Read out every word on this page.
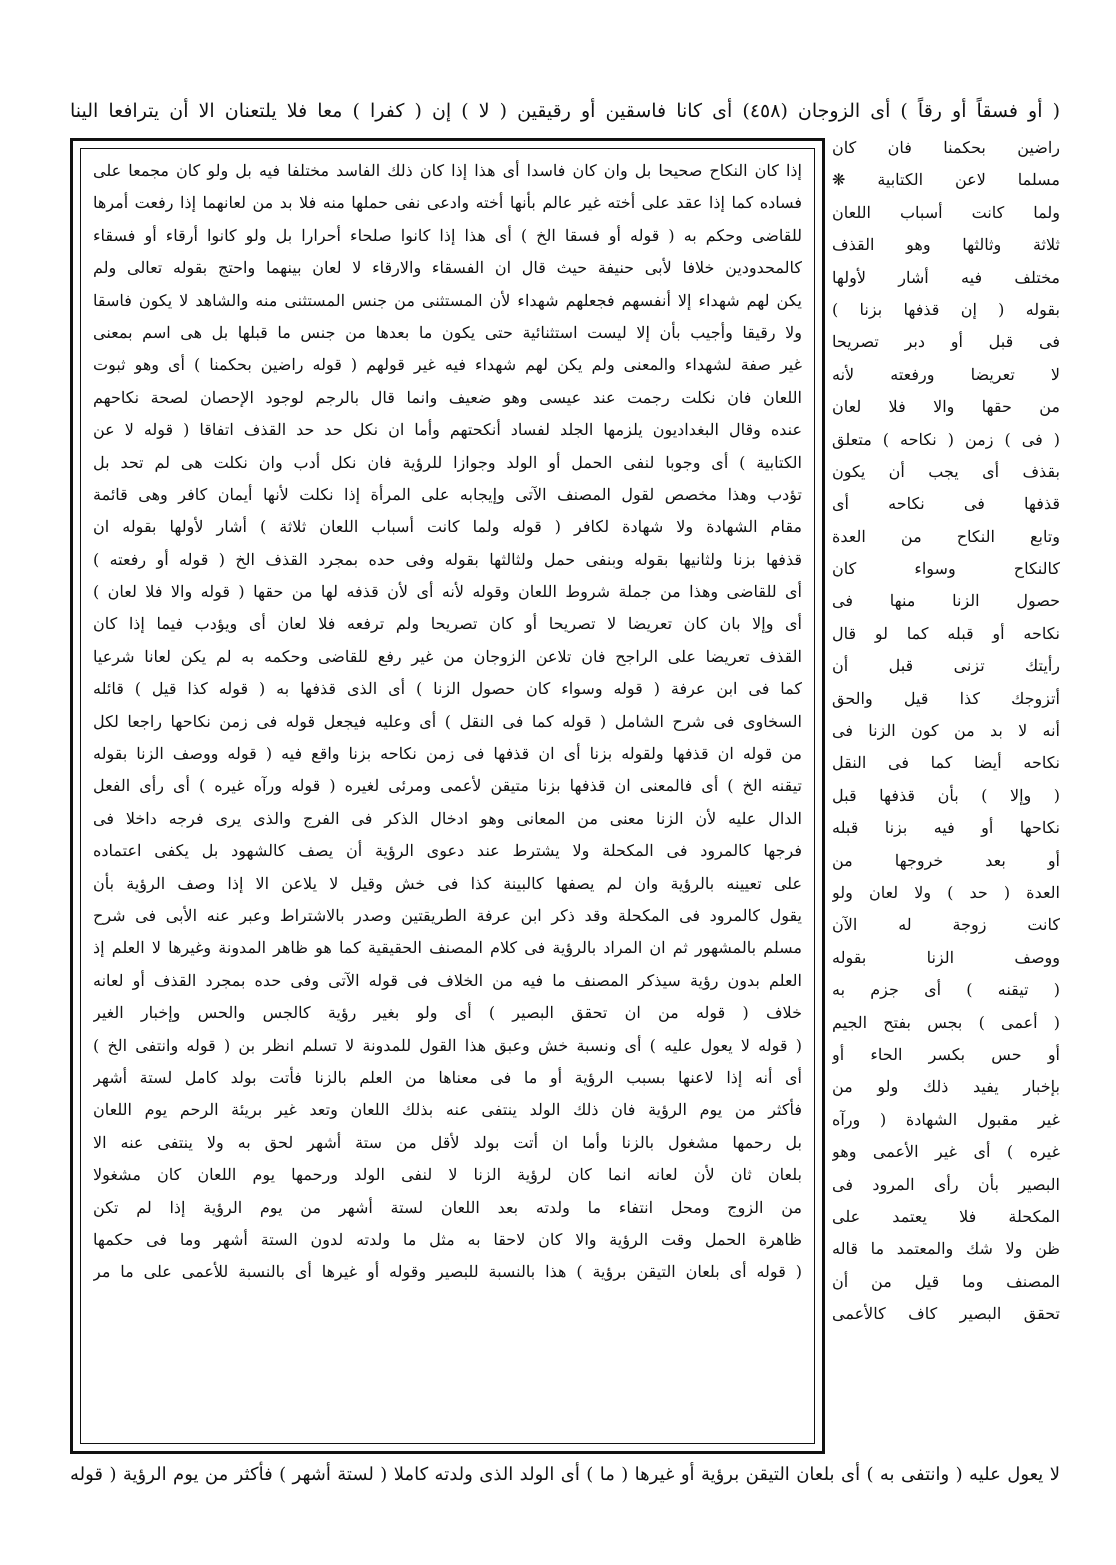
( أو فسقاً أو رقاً ) أى الزوجان (٤٥٨) أى كانا فاسقين أو رقيقين ( لا ) إن ( كفرا ) معا فلا يلتعنان الا أن يترافعا الينا
إذا كان النكاح صحيحا بل وان كان فاسدا أى هذا إذا كان ذلك الفاسد مختلفا فيه بل ولو كان مجمعا على
فساده كما إذا عقد على أخته غير عالم بأنها أخته وادعى نفى حملها منه فلا بد من لعانهما إذا رفعت أمرها
للقاضى وحكم به ( قوله أو فسقا الخ ) أى هذا إذا كانوا صلحاء أحرارا بل ولو كانوا أرقاء أو فسقاء
كالمحدودين خلافا لأبى حنيفة حيث قال ان الفسقاء والارقاء لا لعان بينهما واحتج بقوله تعالى ولم
يكن لهم شهداء إلا أنفسهم فجعلهم شهداء لأن المستثنى من جنس المستثنى منه والشاهد لا يكون فاسقا
ولا رقيقا وأجيب بأن إلا ليست استثنائية حتى يكون ما بعدها من جنس ما قبلها بل هى اسم بمعنى
غير صفة لشهداء والمعنى ولم يكن لهم شهداء فيه غير قولهم ( قوله راضين بحكمنا ) أى وهو ثبوت
اللعان فان نكلت رجمت عند عيسى وهو ضعيف وانما قال بالرجم لوجود الإحصان لصحة نكاحهم
عنده وقال البغداديون يلزمها الجلد لفساد أنكحتهم وأما ان نكل حد حد القذف اتفاقا ( قوله لا عن
الكتابية ) أى وجوبا لنفى الحمل أو الولد وجوازا للرؤية فان نكل أدب وان نكلت هى لم تحد بل
تؤدب وهذا مخصص لقول المصنف الآتى وإيجابه على المرأة إذا نكلت لأنها أيمان كافر وهى قائمة
مقام الشهادة ولا شهادة لكافر ( قوله ولما كانت أسباب اللعان ثلاثة ) أشار لأولها بقوله ان
قذفها بزنا ولثانيها بقوله وبنفى حمل ولثالثها بقوله وفى حده بمجرد القذف الخ ( قوله أو رفعته )
أى للقاضى وهذا من جملة شروط اللعان وقوله لأنه أى لأن قذفه لها من حقها ( قوله والا فلا لعان )
أى وإلا بان كان تعريضا لا تصريحا أو كان تصريحا ولم ترفعه فلا لعان أى ويؤدب فيما إذا كان
القذف تعريضا على الراجح فان تلاعن الزوجان من غير رفع للقاضى وحكمه به لم يكن لعانا شرعيا
كما فى ابن عرفة ( قوله وسواء كان حصول الزنا ) أى الذى قذفها به ( قوله كذا قيل ) قائله
السخاوى فى شرح الشامل ( قوله كما فى النقل ) أى وعليه فيجعل قوله فى زمن نكاحها راجعا لكل
من قوله ان قذفها ولقوله بزنا أى ان قذفها فى زمن نكاحه بزنا واقع فيه ( قوله ووصف الزنا بقوله
تيقنه الخ ) أى فالمعنى ان قذفها بزنا متيقن لأعمى ومرئى لغيره ( قوله ورآه غيره ) أى رأى الفعل
الدال عليه لأن الزنا معنى من المعانى وهو ادخال الذكر فى الفرج والذى يرى فرجه داخلا فى
فرجها كالمرود فى المكحلة ولا يشترط عند دعوى الرؤية أن يصف كالشهود بل يكفى اعتماده
على تعيينه بالرؤية وان لم يصفها كالبينة كذا فى خش وقيل لا يلاعن الا إذا وصف الرؤية بأن
يقول كالمرود فى المكحلة وقد ذكر ابن عرفة الطريقتين وصدر بالاشتراط وعبر عنه الأبى فى شرح
مسلم بالمشهور ثم ان المراد بالرؤية فى كلام المصنف الحقيقية كما هو ظاهر المدونة وغيرها لا العلم إذ
العلم بدون رؤية سيذكر المصنف ما فيه من الخلاف فى قوله الآتى وفى حده بمجرد القذف أو لعانه
خلاف ( قوله من ان تحقق البصير ) أى ولو بغير رؤية كالجس والحس وإخبار الغير
( قوله لا يعول عليه ) أى ونسبة خش وعبق هذا القول للمدونة لا تسلم انظر بن ( قوله وانتفى الخ )
أى أنه إذا لاعنها بسبب الرؤية أو ما فى معناها من العلم بالزنا فأتت بولد كامل لستة أشهر
فأكثر من يوم الرؤية فان ذلك الولد ينتفى عنه بذلك اللعان وتعد غير بريئة الرحم يوم اللعان
بل رحمها مشغول بالزنا وأما ان أتت بولد لأقل من ستة أشهر لحق به ولا ينتفى عنه الا
بلعان ثان لأن لعانه انما كان لرؤية الزنا لا لنفى الولد ورحمها يوم اللعان كان مشغولا
من الزوج ومحل انتفاء ما ولدته بعد اللعان لستة أشهر من يوم الرؤية إذا لم تكن
ظاهرة الحمل وقت الرؤية والا كان لاحقا به مثل ما ولدته لدون الستة أشهر وما فى حكمها
( قوله أى بلعان التيقن برؤية ) هذا بالنسبة للبصير وقوله أو غيرها أى بالنسبة للأعمى على ما مر
راضين بحكمنا فان كان
مسلما لاعن الكتابية ❋
ولما كانت أسباب اللعان
ثلاثة وثالثها وهو القذف
مختلف فيه أشار لأولها
بقوله ( إن قذفها بزنا )
فى قبل أو دبر تصريحا
لا تعريضا ورفعته لأنه
من حقها والا فلا لعان
( فى ) زمن ( نكاحه ) متعلق
بقذف أى يجب أن يكون
قذفها فى نكاحه أى
وتابع النكاح من العدة
كالنكاح وسواء كان
حصول الزنا منها فى
نكاحه أو قبله كما لو قال
رأيتك تزنى قبل أن
أتزوجك كذا قيل والحق
أنه لا بد من كون الزنا فى
نكاحه أيضا كما فى النقل
( وإلا ) بأن قذفها قبل
نكاحها أو فيه بزنا قبله
أو بعد خروجها من
العدة ( حد ) ولا لعان ولو
كانت زوجة له الآن
ووصف الزنا بقوله
( تيقنه ) أى جزم به
( أعمى ) بجس بفتح الجيم
أو حس بكسر الحاء أو
بإخبار يفيد ذلك ولو من
غير مقبول الشهادة ( ورآه
غيره ) أى غير الأعمى وهو
البصير بأن رأى المرود فى
المكحلة فلا يعتمد على
ظن ولا شك والمعتمد ما قاله
المصنف وما قيل من أن
تحقق البصير كاف كالأعمى
لا يعول عليه ( وانتفى به ) أى بلعان التيقن برؤية أو غيرها ( ما ) أى الولد الذى ولدته كاملا ( لستة أشهر ) فأكثر من يوم الرؤية ( قوله
